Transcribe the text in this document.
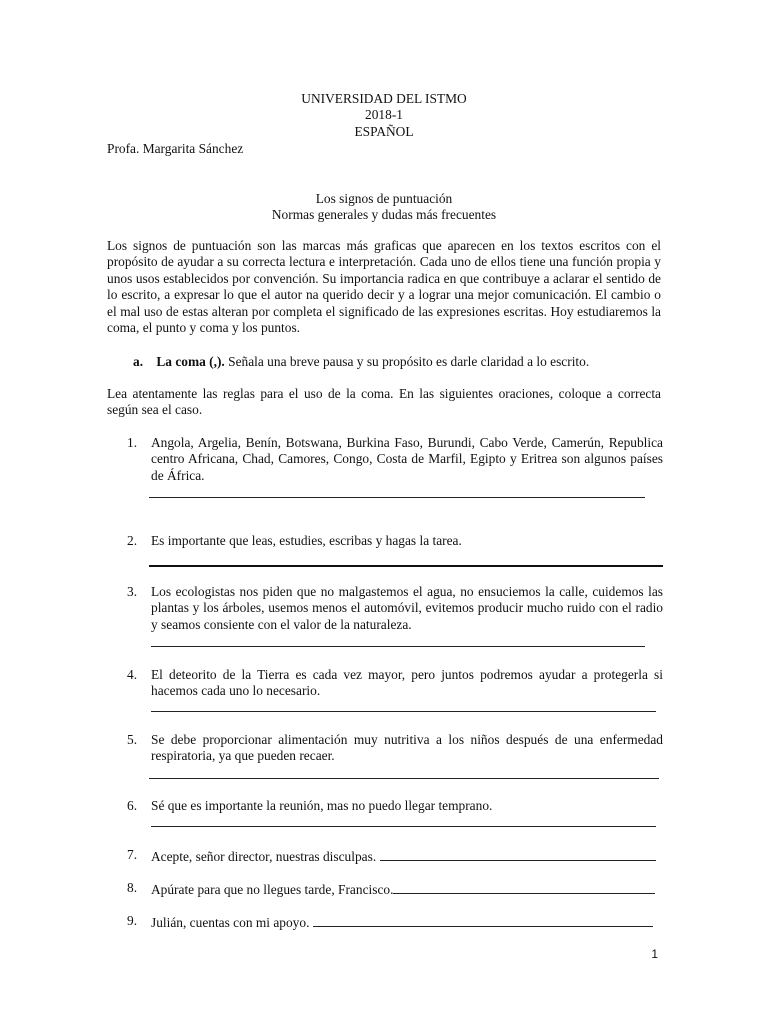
UNIVERSIDAD DEL ISTMO
2018-1
ESPAÑOL
Profa. Margarita Sánchez
Los signos de puntuación
Normas generales y dudas más frecuentes

Los signos de puntuación son las marcas más graficas que aparecen en los textos escritos con el propósito de ayudar a su correcta lectura e interpretación. Cada uno de ellos tiene una función propia y unos usos establecidos por convención. Su importancia radica en que contribuye a aclarar el sentido de lo escrito, a expresar lo que el autor na querido decir y a lograr una mejor comunicación. El cambio o el mal uso de estas alteran por completa el significado de las expresiones escritas. Hoy estudiaremos la coma, el punto y coma y los puntos.

a. La coma (,). Señala una breve pausa y su propósito es darle claridad a lo escrito.
Lea atentamente las reglas para el uso de la coma. En las siguientes oraciones, coloque a correcta según sea el caso.
1.	Angola, Argelia, Benín, Botswana, Burkina Faso, Burundi, Cabo Verde, Camerún, Republica centro Africana, Chad, Camores, Congo, Costa de Marfil, Egipto y Eritrea son algunos países de África.
2.	Es importante que leas, estudies, escribas y hagas la tarea.
3.	Los ecologistas nos piden que no malgastemos el agua, no ensuciemos la calle, cuidemos las plantas y los árboles, usemos menos el automóvil, evitemos producir mucho ruido con el radio y seamos consiente con el valor de la naturaleza.
4.	El deteorito de la Tierra es cada vez mayor, pero juntos podremos ayudar a protegerla si hacemos cada uno lo necesario.
5.	Se debe proporcionar alimentación muy nutritiva a los niños después de una enfermedad respiratoria, ya que pueden recaer.
6.	Sé que es importante la reunión, mas no puedo llegar temprano.
7.	Acepte, señor director, nuestras disculpas.
8.	Apúrate para que no llegues tarde, Francisco.
9.	Julián, cuentas con mi apoyo.
1
